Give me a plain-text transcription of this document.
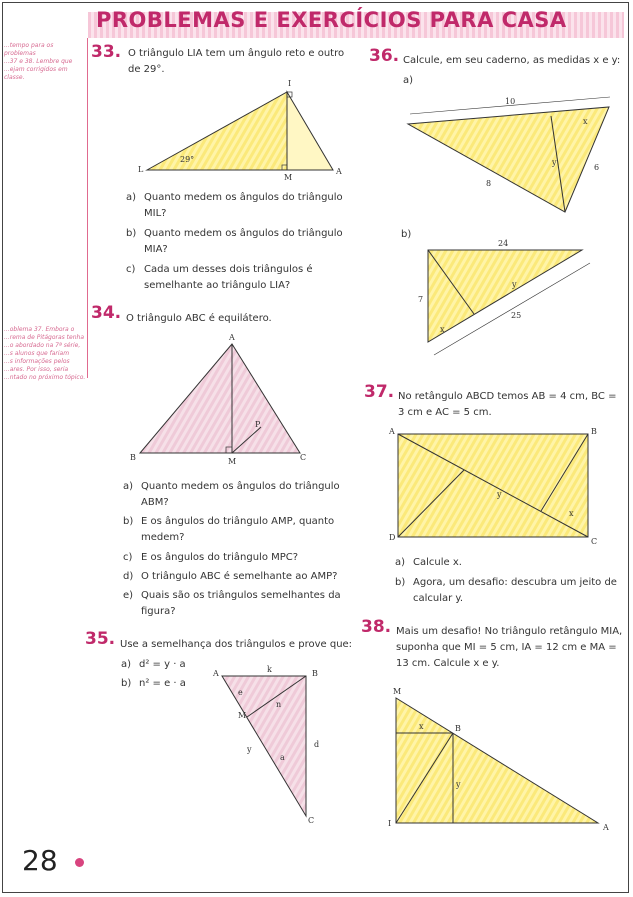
PROBLEMAS E EXERCÍCIOS PARA CASA
...tempo para os problemas
...37 e 38. Lembre que
...ejam corrigidos em classe.
...oblema 37. Embora o
...rema de Pitágoras tenha
...o abordado na 7ª série,
...s alunos que fariam
...s informações pelos
...ares. Por isso, seria
...ntado no próximo tópico.
33. O triângulo LIA tem um ângulo reto e outro de 29°.
a) Quanto medem os ângulos do triângulo MIL?
b) Quanto medem os ângulos do triângulo MIA?
c) Cada um desses dois triângulos é semelhante ao triângulo LIA?
34. O triângulo ABC é equilátero.
a) Quanto medem os ângulos do triângulo ABM?
b) E os ângulos do triângulo AMP, quanto medem?
c) E os ângulos do triângulo MPC?
d) O triângulo ABC é semelhante ao AMP?
e) Quais são os triângulos semelhantes da figura?
35. Use a semelhança dos triângulos e prove que:
a) d² = y · a
b) n² = e · a
36. Calcule, em seu caderno, as medidas x e y:
a)
b)
37. No retângulo ABCD temos AB = 4 cm, BC = 3 cm e AC = 5 cm.
a) Calcule x.
b) Agora, um desafio: descubra um jeito de calcular y.
38. Mais um desafio! No triângulo retângulo MIA, suponha que MI = 5 cm, IA = 12 cm e MA = 13 cm. Calcule x e y.
I
L
M
A
29°
A
B	C
M
P
A	B
C
M
k
e
n
y
a
d
10
x
y
6
8
24
7
y
x
25
A	B
C
D
y
x
M
B
I	A
x
y
28
